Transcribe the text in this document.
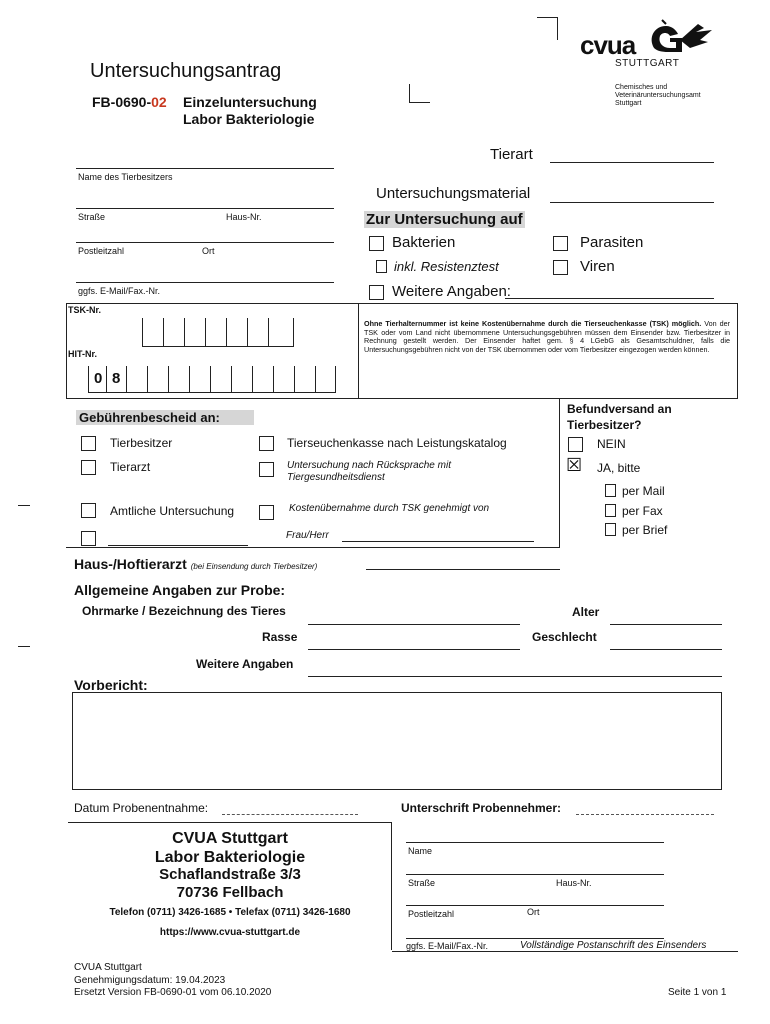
Untersuchungsantrag
FB-0690-02 Einzeluntersuchung
Labor Bakteriologie
cvua
STUTTGART
Chemisches und
Veterinäruntersuchungsamt
Stuttgart
Name des Tierbesitzers
Straße	Haus-Nr.
Postleitzahl	Ort
ggfs. E-Mail/Fax.-Nr.
Tierart
Untersuchungsmaterial
Zur Untersuchung auf
Bakterien	Parasiten
inkl. Resistenztest	Viren
Weitere Angaben:
TSK-Nr.
HIT-Nr.
0 8
Ohne Tierhalternummer ist keine Kostenübernahme durch die Tierseuchenkasse (TSK) möglich. Von der TSK oder vom Land nicht übernommene Untersuchungsgebühren müssen dem Einsender bzw. Tierbesitzer in Rechnung gestellt werden. Der Einsender haftet gem. § 4 LGebG als Gesamtschuldner, falls die Untersuchungsgebühren nicht von der TSK übernommen oder vom Tierbesitzer eingezogen werden können.
Gebührenbescheid an:
Tierbesitzer	Tierseuchenkasse nach Leistungskatalog
Tierarzt	Untersuchung nach Rücksprache mit Tiergesundheitsdienst
Amtliche Untersuchung	Kostenübernahme durch TSK genehmigt von
Frau/Herr
Befundversand an
Tierbesitzer?
NEIN
☒ JA, bitte
per Mail
per Fax
per Brief
Haus-/Hoftierarzt (bei Einsendung durch Tierbesitzer)
Allgemeine Angaben zur Probe:
Ohrmarke / Bezeichnung des Tieres	Alter
Rasse	Geschlecht
Weitere Angaben
Vorbericht:
Datum Probenentnahme:	Unterschrift Probennehmer:
CVUA Stuttgart
Labor Bakteriologie
Schaflandstraße 3/3
70736 Fellbach
Telefon (0711) 3426-1685 • Telefax (0711) 3426-1680
https://www.cvua-stuttgart.de
Name
Straße	Haus-Nr.
Postleitzahl	Ort
ggfs. E-Mail/Fax.-Nr.	Vollständige Postanschrift des Einsenders
CVUA Stuttgart
Genehmigungsdatum: 19.04.2023
Ersetzt Version FB-0690-01 vom 06.10.2020	Seite 1 von 1
